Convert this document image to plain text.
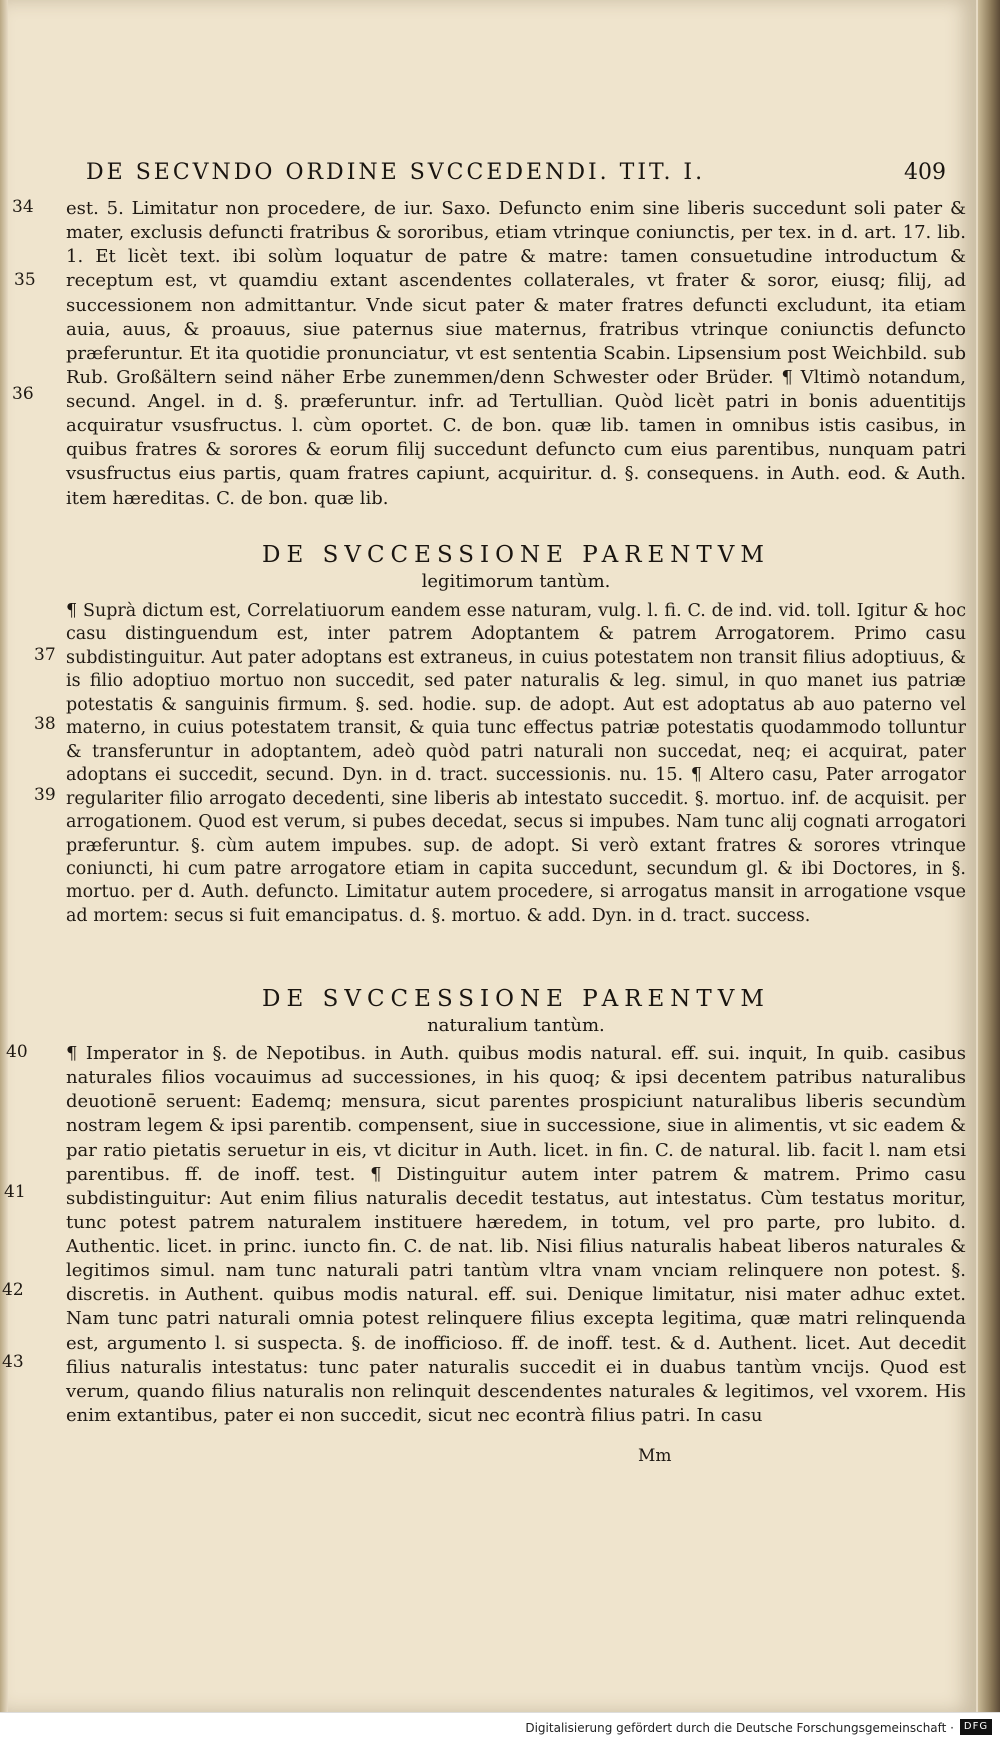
DE SECVNDO ORDINE SVCCEDENDI. TIT. I.	409
34
35
36
37
38
39
40
41
42
43

est. 5. Limitatur non procedere, de iur. Saxo. Defuncto enim sine liberis succedunt soli pater & mater, exclusis defuncti fratribus & sororibus, etiam vtrinque coniunctis, per tex. in d. art. 17. lib. 1. Et licèt text. ibi solùm loquatur de patre & matre: tamen consuetudine introductum & receptum est, vt quamdiu extant ascendentes collaterales, vt frater & soror, eiusq; filij, ad successionem non admittantur. Vnde sicut pater & mater fratres defuncti excludunt, ita etiam auia, auus, & proauus, siue paternus siue maternus, fratribus vtrinque coniunctis defuncto præferuntur. Et ita quotidie pronunciatur, vt est sententia Scabin. Lipsensium post Weichbild. sub Rub. Großältern seind näher Erbe zunemmen/denn Schwester oder Brüder. ¶ Vltimò notandum, secund. Angel. in d. §. præferuntur. infr. ad Tertullian. Quòd licèt patri in bonis aduentitijs acquiratur vsusfructus. l. cùm oportet. C. de bon. quæ lib. tamen in omnibus istis casibus, in quibus fratres & sorores & eorum filij succedunt defuncto cum eius parentibus, nunquam patri vsusfructus eius partis, quam fratres capiunt, acquiritur. d. §. consequens. in Auth. eod. & Auth. item hæreditas. C. de bon. quæ lib.

DE SVCCESSIONE PARENTVM
legitimorum tantùm.

¶ Suprà dictum est, Correlatiuorum eandem esse naturam, vulg. l. fi. C. de ind. vid. toll. Igitur & hoc casu distinguendum est, inter patrem Adoptantem & patrem Arrogatorem. Primo casu subdistinguitur. Aut pater adoptans est extraneus, in cuius potestatem non transit filius adoptiuus, & is filio adoptiuo mortuo non succedit, sed pater naturalis & leg. simul, in quo manet ius patriæ potestatis & sanguinis firmum. §. sed. hodie. sup. de adopt. Aut est adoptatus ab auo paterno vel materno, in cuius potestatem transit, & quia tunc effectus patriæ potestatis quodammodo tolluntur & transferuntur in adoptantem, adeò quòd patri naturali non succedat, neq; ei acquirat, pater adoptans ei succedit, secund. Dyn. in d. tract. successionis. nu. 15. ¶ Altero casu, Pater arrogator regulariter filio arrogato decedenti, sine liberis ab intestato succedit. §. mortuo. inf. de acquisit. per arrogationem. Quod est verum, si pubes decedat, secus si impubes. Nam tunc alij cognati arrogatori præferuntur. §. cùm autem impubes. sup. de adopt. Si verò extant fratres & sorores vtrinque coniuncti, hi cum patre arrogatore etiam in capita succedunt, secundum gl. & ibi Doctores, in §. mortuo. per d. Auth. defuncto. Limitatur autem procedere, si arrogatus mansit in arrogatione vsque ad mortem: secus si fuit emancipatus. d. §. mortuo. & add. Dyn. in d. tract. success.

DE SVCCESSIONE PARENTVM
naturalium tantùm.

¶ Imperator in §. de Nepotibus. in Auth. quibus modis natural. eff. sui. inquit, In quib. casibus naturales filios vocauimus ad successiones, in his quoq; & ipsi decentem patribus naturalibus deuotionē seruent: Eademq; mensura, sicut parentes prospiciunt naturalibus liberis secundùm nostram legem & ipsi parentib. compensent, siue in successione, siue in alimentis, vt sic eadem & par ratio pietatis seruetur in eis, vt dicitur in Auth. licet. in fin. C. de natural. lib. facit l. nam etsi parentibus. ff. de inoff. test. ¶ Distinguitur autem inter patrem & matrem. Primo casu subdistinguitur: Aut enim filius naturalis decedit testatus, aut intestatus. Cùm testatus moritur, tunc potest patrem naturalem instituere hæredem, in totum, vel pro parte, pro lubito. d. Authentic. licet. in princ. iuncto fin. C. de nat. lib. Nisi filius naturalis habeat liberos naturales & legitimos simul. nam tunc naturali patri tantùm vltra vnam vnciam relinquere non potest. §. discretis. in Authent. quibus modis natural. eff. sui. Denique limitatur, nisi mater adhuc extet. Nam tunc patri naturali omnia potest relinquere filius excepta legitima, quæ matri relinquenda est, argumento l. si suspecta. §. de inofficioso. ff. de inoff. test. & d. Authent. licet. Aut decedit filius naturalis intestatus: tunc pater naturalis succedit ei in duabus tantùm vncijs. Quod est verum, quando filius naturalis non relinquit descendentes naturales & legitimos, vel vxorem. His enim extantibus, pater ei non succedit, sicut nec econtrà filius patri. In casu

Mm
Digitalisierung gefördert durch die Deutsche Forschungsgemeinschaft · DFG
